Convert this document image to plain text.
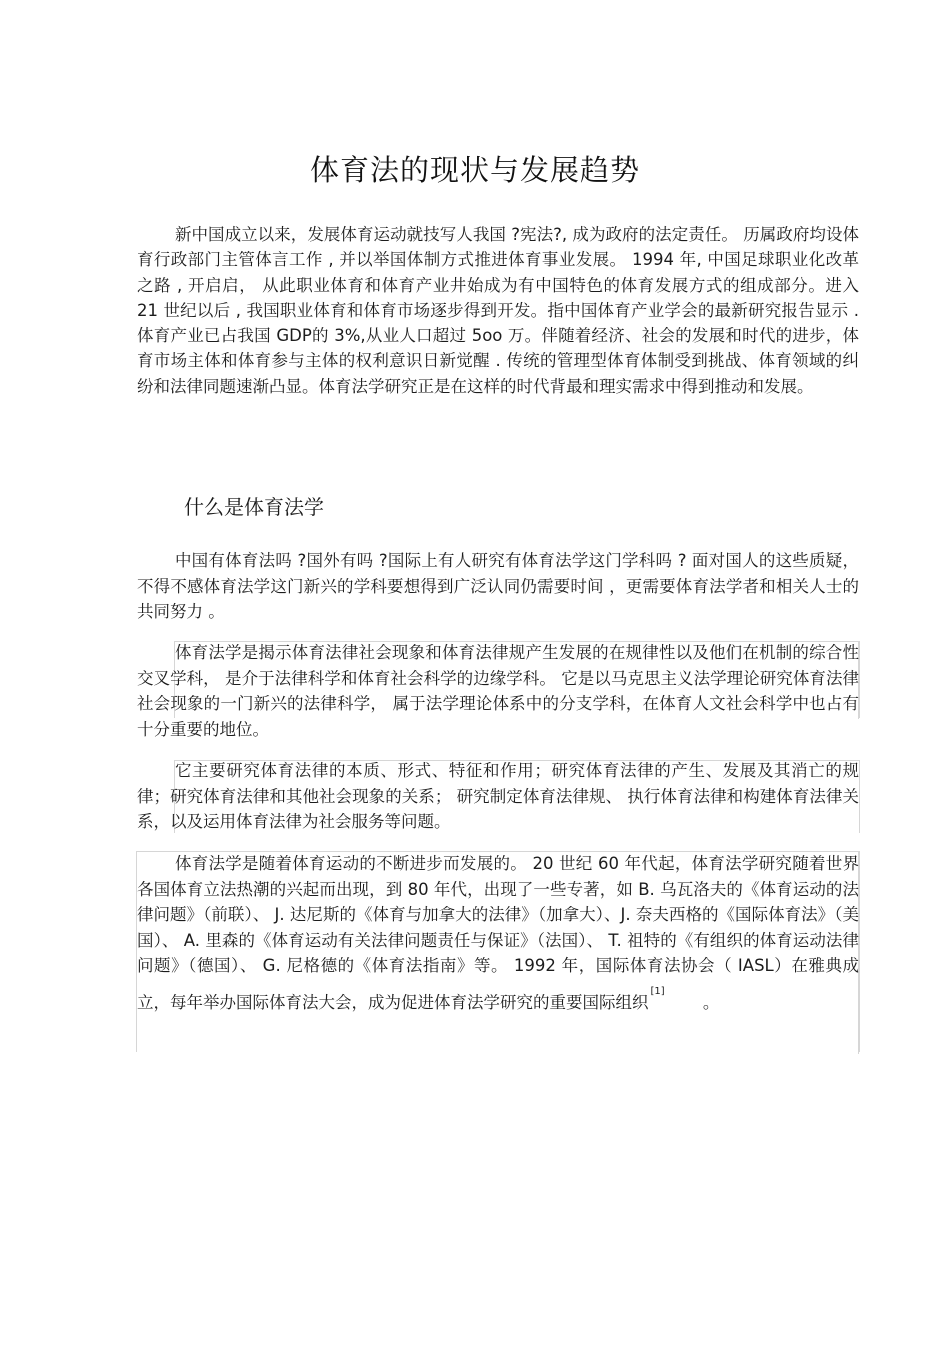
体育法的现状与发展趋势
新中国成立以来，发展体育运动就技写人我国 ?宪法?, 成为政府的法定责任。 历属政府均设体育行政部门主管体言工作 , 并以举国体制方式推进体育事业发展。 1994 年, 中国足球职业化改革之路 , 开启启， 从此职业体育和体育产业井始成为有中国特色的体育发展方式的组成部分。进入 21 世纪以后 , 我国职业体育和体育市场逐步得到开发。指中国体育产业学会的最新研究报告显示 . 体育产业已占我国 GDP的 3%,从业人口超过 5oo 万。伴随着经济、社会的发展和时代的进步，体育市场主体和体育参与主体的权利意识日新觉醒 . 传统的管理型体育体制受到挑战、体育领域的纠纷和法律同题速渐凸显。体育法学研究正是在这样的时代背最和理实需求中得到推动和发展。
什么是体育法学
中国有体育法吗 ?国外有吗 ?国际上有人研究有体育法学这门学科吗 ? 面对国人的这些质疑，不得不感体育法学这门新兴的学科要想得到广泛认同仍需要时间 ，更需要体育法学者和相关人士的共同努力 。
体育法学是揭示体育法律社会现象和体育法律规产生发展的在规律性以及他们在机制的综合性交叉学科， 是介于法律科学和体育社会科学的边缘学科。 它是以马克思主义法学理论研究体育法律社会现象的一门新兴的法律科学， 属于法学理论体系中的分支学科，在体育人文社会科学中也占有十分重要的地位。
它主要研究体育法律的本质、形式、特征和作用；研究体育法律的产生、发展及其消亡的规律；研究体育法律和其他社会现象的关系； 研究制定体育法律规、 执行体育法律和构建体育法律关系，以及运用体育法律为社会服务等问题。
体育法学是随着体育运动的不断进步而发展的。 20 世纪 60 年代起，体育法学研究随着世界各国体育立法热潮的兴起而出现，到 80 年代，出现了一些专著，如 B. 乌瓦洛夫的《体育运动的法律问题》（前联）、 J. 达尼斯的《体育与加拿大的法律》（加拿大）、J. 奈夫西格的《国际体育法》（美国）、 A. 里森的《体育运动有关法律问题责任与保证》（法国）、 T. 祖特的《有组织的体育运动法律问题》（德国）、 G. 尼格德的《体育法指南》等。 1992 年，国际体育法协会（ IASL）在雅典成立，每年举办国际体育法大会，成为促进体育法学研究的重要国际组织[1]　　 。
